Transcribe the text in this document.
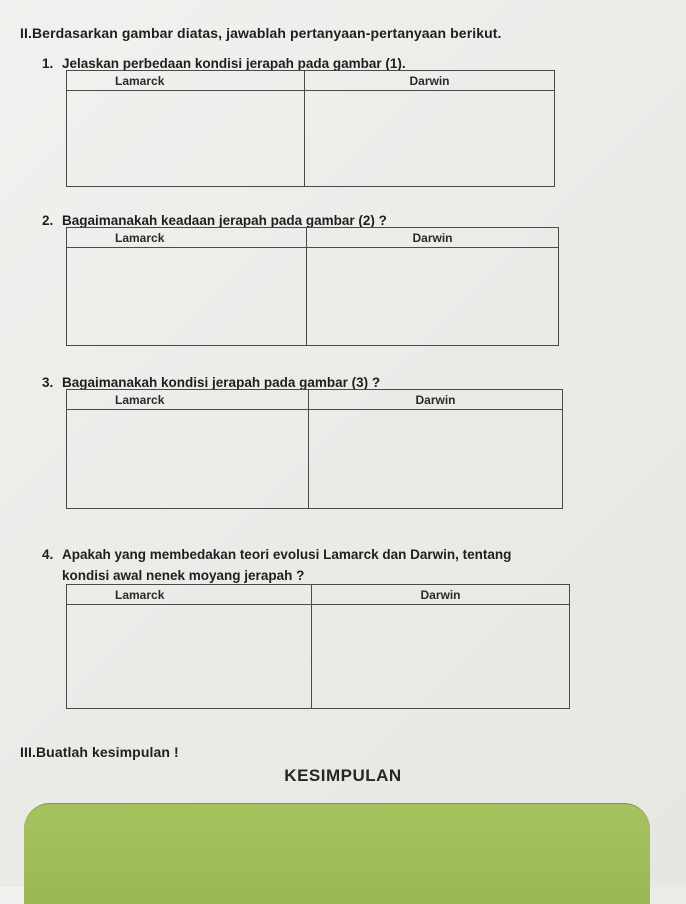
II.Berdasarkan gambar diatas, jawablah pertanyaan-pertanyaan berikut.
1. Jelaskan perbedaan kondisi jerapah pada gambar (1).
Lamarck	Darwin

2. Bagaimanakah keadaan jerapah pada gambar (2) ?
Lamarck	Darwin

3. Bagaimanakah kondisi jerapah pada gambar (3) ?
Lamarck	Darwin

4. Apakah yang membedakan teori evolusi Lamarck dan Darwin, tentang
kondisi awal nenek moyang jerapah ?
Lamarck	Darwin

III.Buatlah kesimpulan !
KESIMPULAN
